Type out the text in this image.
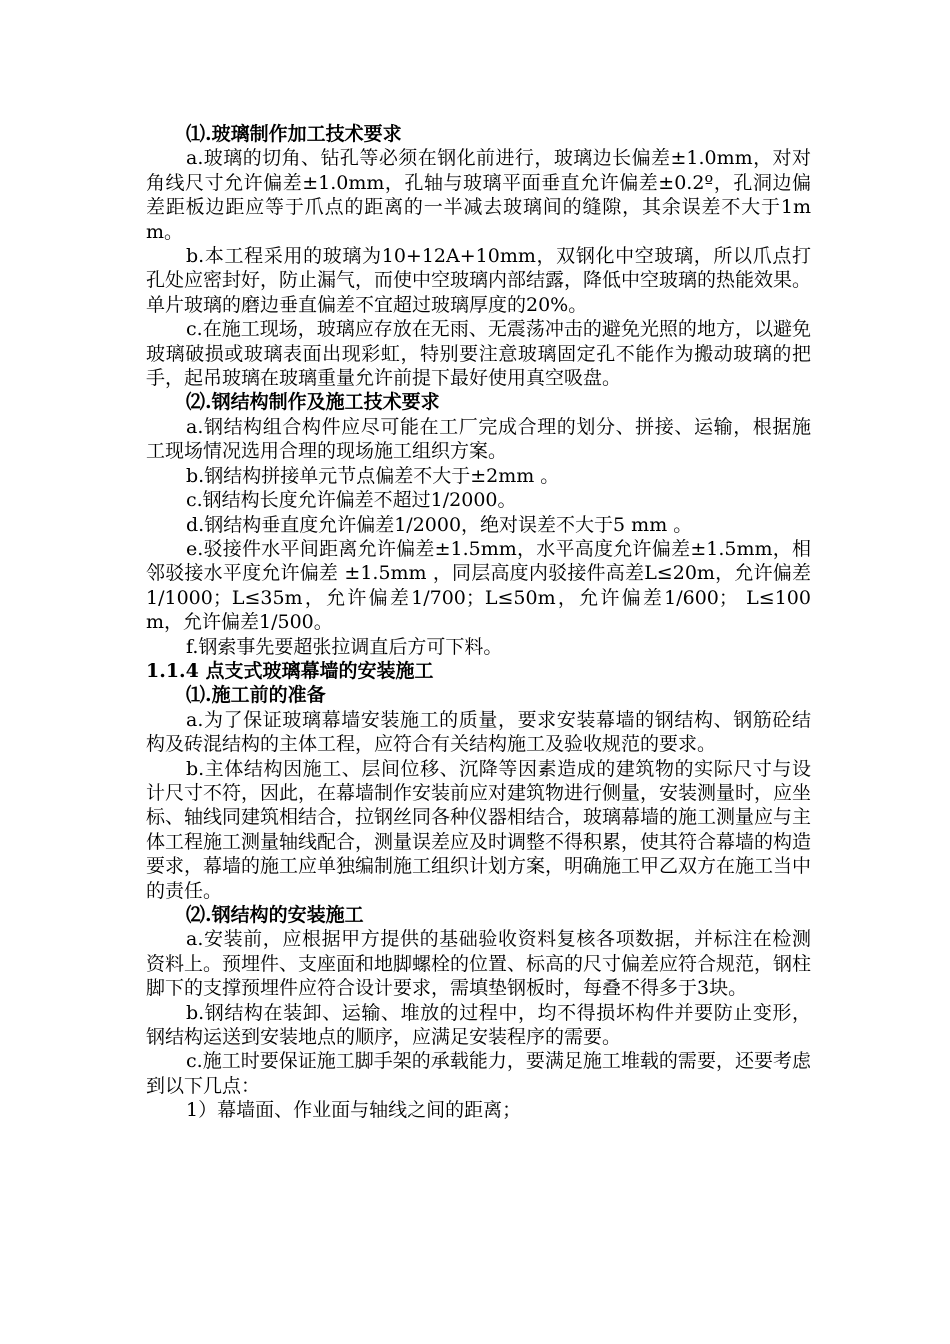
⑴.玻璃制作加工技术要求

a.玻璃的切角、钻孔等必须在钢化前进行，玻璃边长偏差±1.0mm，对对角线尺寸允许偏差±1.0mm，孔轴与玻璃平面垂直允许偏差±0.2º，孔洞边偏差距板边距应等于爪点的距离的一半减去玻璃间的缝隙，其余误差不大于1mm。

b.本工程采用的玻璃为10+12A+10mm，双钢化中空玻璃，所以爪点打孔处应密封好，防止漏气，而使中空玻璃内部结露，降低中空玻璃的热能效果。单片玻璃的磨边垂直偏差不宜超过玻璃厚度的20%。

c.在施工现场，玻璃应存放在无雨、无震荡冲击的避免光照的地方，以避免玻璃破损或玻璃表面出现彩虹，特别要注意玻璃固定孔不能作为搬动玻璃的把手，起吊玻璃在玻璃重量允许前提下最好使用真空吸盘。

⑵.钢结构制作及施工技术要求

a.钢结构组合构件应尽可能在工厂完成合理的划分、拼接、运输，根据施工现场情况选用合理的现场施工组织方案。

b.钢结构拼接单元节点偏差不大于±2mm 。

c.钢结构长度允许偏差不超过1/2000。

d.钢结构垂直度允许偏差1/2000，绝对误差不大于5 mm 。

e.驳接件水平间距离允许偏差±1.5mm，水平高度允许偏差±1.5mm，相邻驳接水平度允许偏差 ±1.5mm ，同层高度内驳接件高差L≤20m，允许偏差1/1000；L≤35m，允许偏差1/700；L≤50m，允许偏差1/600； L≤100m，允许偏差1/500。

f.钢索事先要超张拉调直后方可下料。

1.1.4 点支式玻璃幕墙的安装施工

⑴.施工前的准备

a.为了保证玻璃幕墙安装施工的质量，要求安装幕墙的钢结构、钢筋砼结构及砖混结构的主体工程，应符合有关结构施工及验收规范的要求。

b.主体结构因施工、层间位移、沉降等因素造成的建筑物的实际尺寸与设计尺寸不符，因此，在幕墙制作安装前应对建筑物进行侧量，安装测量时，应坐标、轴线同建筑相结合，拉钢丝同各种仪器相结合，玻璃幕墙的施工测量应与主体工程施工测量轴线配合，测量误差应及时调整不得积累，使其符合幕墙的构造要求，幕墙的施工应单独编制施工组织计划方案，明确施工甲乙双方在施工当中的责任。

⑵.钢结构的安装施工

a.安装前，应根据甲方提供的基础验收资料复核各项数据，并标注在检测资料上。预埋件、支座面和地脚螺栓的位置、标高的尺寸偏差应符合规范，钢柱脚下的支撑预埋件应符合设计要求，需填垫钢板时，每叠不得多于3块。

b.钢结构在装卸、运输、堆放的过程中，均不得损坏构件并要防止变形，钢结构运送到安装地点的顺序，应满足安装程序的需要。

c.施工时要保证施工脚手架的承载能力，要满足施工堆载的需要，还要考虑到以下几点：

1）幕墙面、作业面与轴线之间的距离；
